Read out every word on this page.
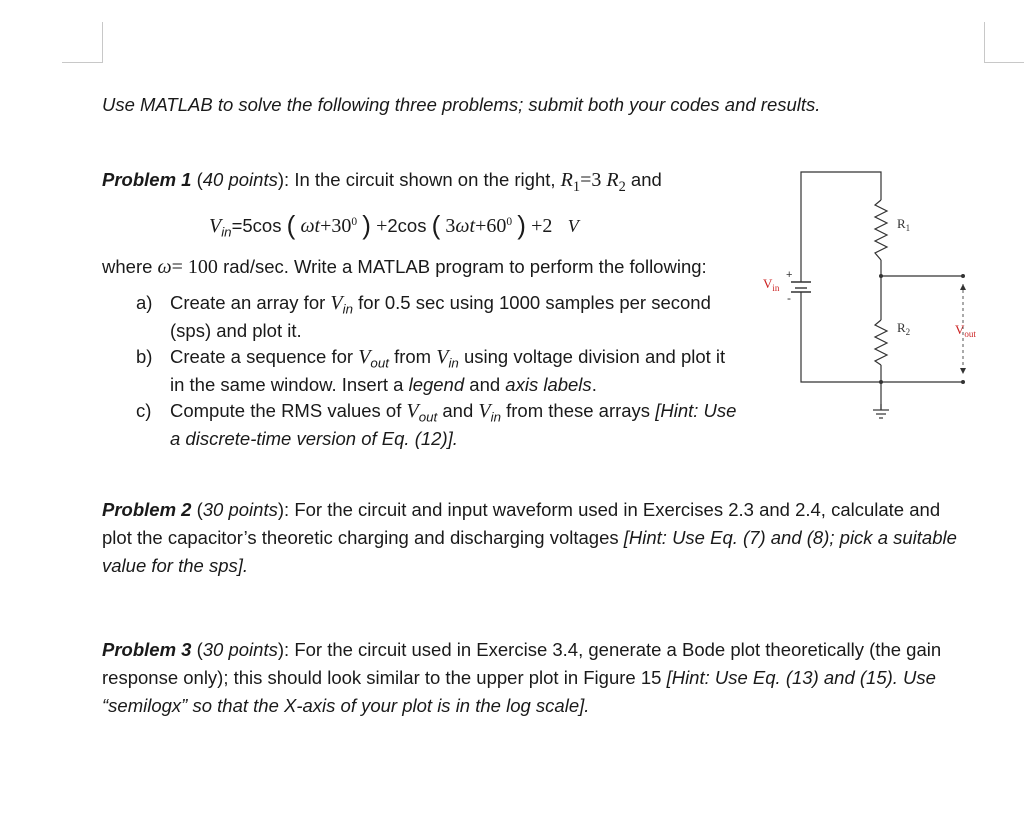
Use MATLAB to solve the following three problems; submit both your codes and results.
Problem 1 (40 points): In the circuit shown on the right, $R_1=3$ $R_2$ and
$V_{in}=5\cos$ ( $\omega t+30^0$ ) +2cos ( $3\omega t+60^0$ ) +2 V
where ω= 100 rad/sec. Write a MATLAB program to perform the following:
a) Create an array for $V_{in}$ for 0.5 sec using 1000 samples per second
(sps) and plot it.
b) Create a sequence for $V_{out}$ from $V_{in}$ using voltage division and plot it
in the same window. Insert a legend and axis labels.
c) Compute the RMS values of $V_{out}$ and $V_{in}$ from these arrays [Hint: Use
a discrete-time version of Eq. (12)].
$R_1$
$R_2$
$V_{in}$
+
-
$V_{out}$
Problem 2 (30 points): For the circuit and input waveform used in Exercises 2.3 and 2.4, calculate and
plot the capacitor’s theoretic charging and discharging voltages [Hint: Use Eq. (7) and (8); pick a suitable
value for the sps].
Problem 3 (30 points): For the circuit used in Exercise 3.4, generate a Bode plot theoretically (the gain
response only); this should look similar to the upper plot in Figure 15 [Hint: Use Eq. (13) and (15). Use
“semilogx” so that the X-axis of your plot is in the log scale].
